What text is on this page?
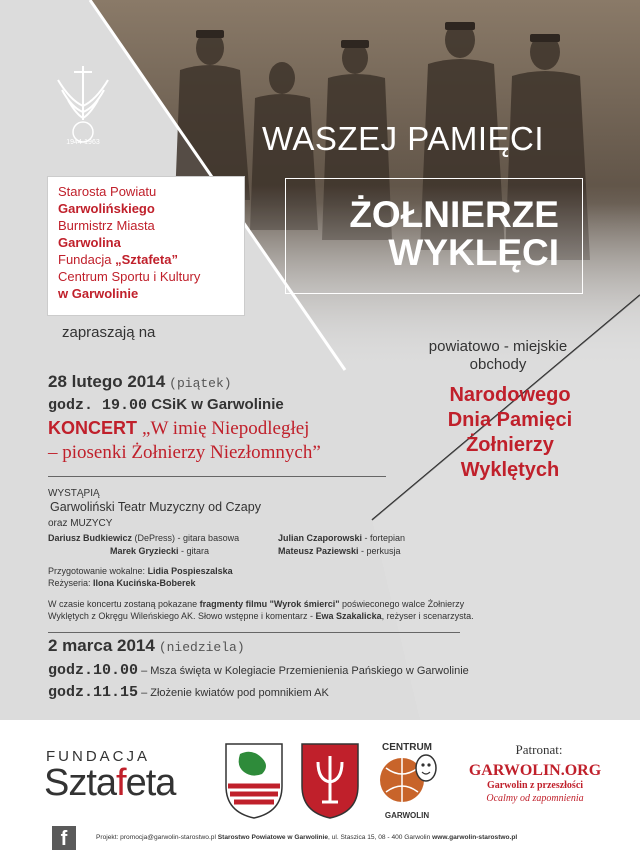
1944-1963	WASZEJ PAMIĘCI
ŻOŁNIERZE
WYKLĘCI
Starosta Powiatu
Garwolińskiego
Burmistrz Miasta
Garwolina
Fundacja „Sztafeta”
Centrum Sportu i Kultury
w Garwolinie
zapraszają na
powiatowo - miejskie
obchody
Narodowego
Dnia Pamięci
Żołnierzy
Wyklętych
28 lutego 2014 (piątek)
godz. 19.00 CSiK w Garwolinie
KONCERT „W imię Niepodległej
– piosenki Żołnierzy Niezłomnych”
WYSTĄPIĄ
Garwoliński Teatr Muzyczny od Czapy
oraz MUZYCY
Dariusz Budkiewicz (DePress) - gitara basowa	Julian Czaporowski - fortepian
Marek Gryziecki - gitara	Mateusz Paziewski - perkusja
Przygotowanie wokalne: Lidia Pospieszalska
Reżyseria: Ilona Kucińska-Boberek
W czasie koncertu zostaną pokazane fragmenty filmu "Wyrok śmierci" poświeconego walce Żołnierzy
Wyklętych z Okręgu Wileńskiego AK. Słowo wstępne i komentarz - Ewa Szakalicka, reżyser i scenarzysta.
2 marca 2014 (niedziela)
godz.10.00 – Msza święta w Kolegiacie Przemienienia Pańskiego w Garwolinie
godz.11.15 – Złożenie kwiatów pod pomnikiem AK
FUNDACJA
Sztafeta
CENTRUM
GARWOLIN
Patronat:
GARWOLIN.ORG
Garwolin z przeszłości
Ocalmy od zapomnienia
f	Projekt: promocja@garwolin-starostwo.pl Starostwo Powiatowe w Garwolinie, ul. Staszica 15, 08 - 400 Garwolin www.garwolin-starostwo.pl
